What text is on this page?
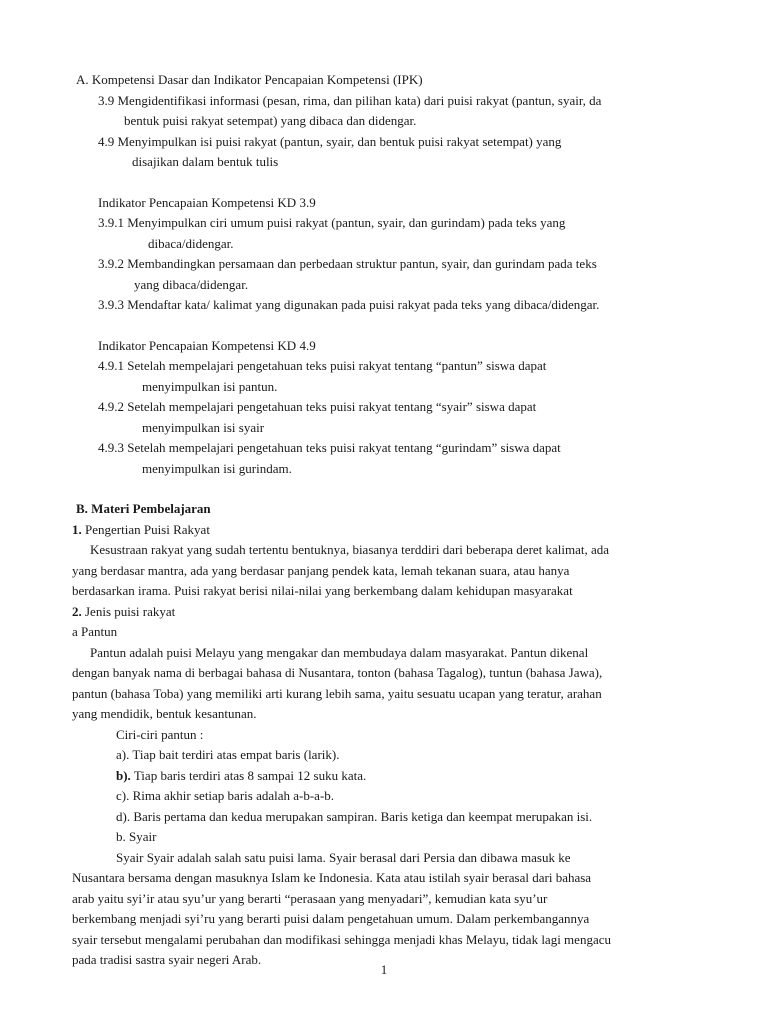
A. Kompetensi Dasar dan Indikator Pencapaian Kompetensi (IPK)

3.9 Mengidentifikasi informasi (pesan, rima, dan pilihan kata) dari puisi rakyat (pantun, syair, da

bentuk puisi rakyat setempat) yang dibaca dan didengar.

4.9 Menyimpulkan isi puisi rakyat (pantun, syair, dan bentuk puisi rakyat setempat) yang

disajikan dalam bentuk tulis

Indikator Pencapaian Kompetensi KD 3.9

3.9.1 Menyimpulkan ciri umum puisi rakyat (pantun, syair, dan gurindam) pada teks yang

dibaca/didengar.

3.9.2 Membandingkan persamaan dan perbedaan struktur pantun, syair, dan gurindam pada teks

yang dibaca/didengar.

3.9.3 Mendaftar kata/ kalimat yang digunakan pada puisi rakyat pada teks yang dibaca/didengar.

Indikator Pencapaian Kompetensi KD 4.9

4.9.1 Setelah mempelajari pengetahuan teks puisi rakyat tentang “pantun” siswa dapat

menyimpulkan isi pantun.

4.9.2 Setelah mempelajari pengetahuan teks puisi rakyat tentang “syair” siswa dapat

menyimpulkan isi syair

4.9.3 Setelah mempelajari pengetahuan teks puisi rakyat tentang “gurindam” siswa dapat

menyimpulkan isi gurindam.

B. Materi Pembelajaran

1. Pengertian Puisi Rakyat

Kesustraan rakyat yang sudah tertentu bentuknya, biasanya terddiri dari beberapa deret kalimat, ada

yang berdasar mantra, ada yang berdasar panjang pendek kata, lemah tekanan suara, atau hanya

berdasarkan irama. Puisi rakyat berisi nilai-nilai yang berkembang dalam kehidupan masyarakat

2. Jenis puisi rakyat

a Pantun

Pantun adalah puisi Melayu yang mengakar dan membudaya dalam masyarakat. Pantun dikenal

dengan banyak nama di berbagai bahasa di Nusantara, tonton (bahasa Tagalog), tuntun (bahasa Jawa),

pantun (bahasa Toba) yang memiliki arti kurang lebih sama, yaitu sesuatu ucapan yang teratur, arahan

yang mendidik, bentuk kesantunan.

Ciri-ciri pantun :

a). Tiap bait terdiri atas empat baris (larik).

b). Tiap baris terdiri atas 8 sampai 12 suku kata.

c). Rima akhir setiap baris adalah a-b-a-b.

d). Baris pertama dan kedua merupakan sampiran. Baris ketiga dan keempat merupakan isi.

b. Syair

Syair Syair adalah salah satu puisi lama. Syair berasal dari Persia dan dibawa masuk ke

Nusantara bersama dengan masuknya Islam ke Indonesia. Kata atau istilah syair berasal dari bahasa

arab yaitu syi’ir atau syu’ur yang berarti “perasaan yang menyadari”, kemudian kata syu’ur

berkembang menjadi syi’ru yang berarti puisi dalam pengetahuan umum. Dalam perkembangannya

syair tersebut mengalami perubahan dan modifikasi sehingga menjadi khas Melayu, tidak lagi mengacu

pada tradisi sastra syair negeri Arab.

1
